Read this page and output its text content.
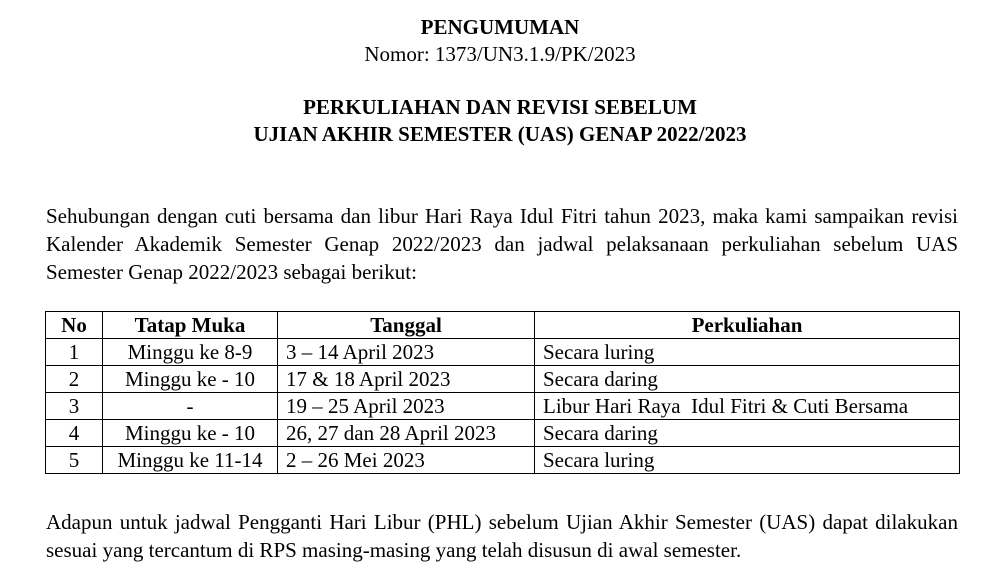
PENGUMUMAN
Nomor: 1373/UN3.1.9/PK/2023
PERKULIAHAN DAN REVISI SEBELUM
UJIAN AKHIR SEMESTER (UAS) GENAP 2022/2023
Sehubungan dengan cuti bersama dan libur Hari Raya Idul Fitri tahun 2023, maka kami sampaikan revisi Kalender Akademik Semester Genap 2022/2023 dan jadwal pelaksanaan perkuliahan sebelum UAS Semester Genap 2022/2023 sebagai berikut:
No	Tatap Muka	Tanggal	Perkuliahan
1	Minggu ke 8-9	3 – 14 April 2023	Secara luring
2	Minggu ke - 10	17 & 18 April 2023	Secara daring
3	-	19 – 25 April 2023	Libur Hari Raya  Idul Fitri & Cuti Bersama
4	Minggu ke - 10	26, 27 dan 28 April 2023	Secara daring
5	Minggu ke 11-14	2 – 26 Mei 2023	Secara luring
Adapun untuk jadwal Pengganti Hari Libur (PHL) sebelum Ujian Akhir Semester (UAS) dapat dilakukan sesuai yang tercantum di RPS masing-masing yang telah disusun di awal semester.
